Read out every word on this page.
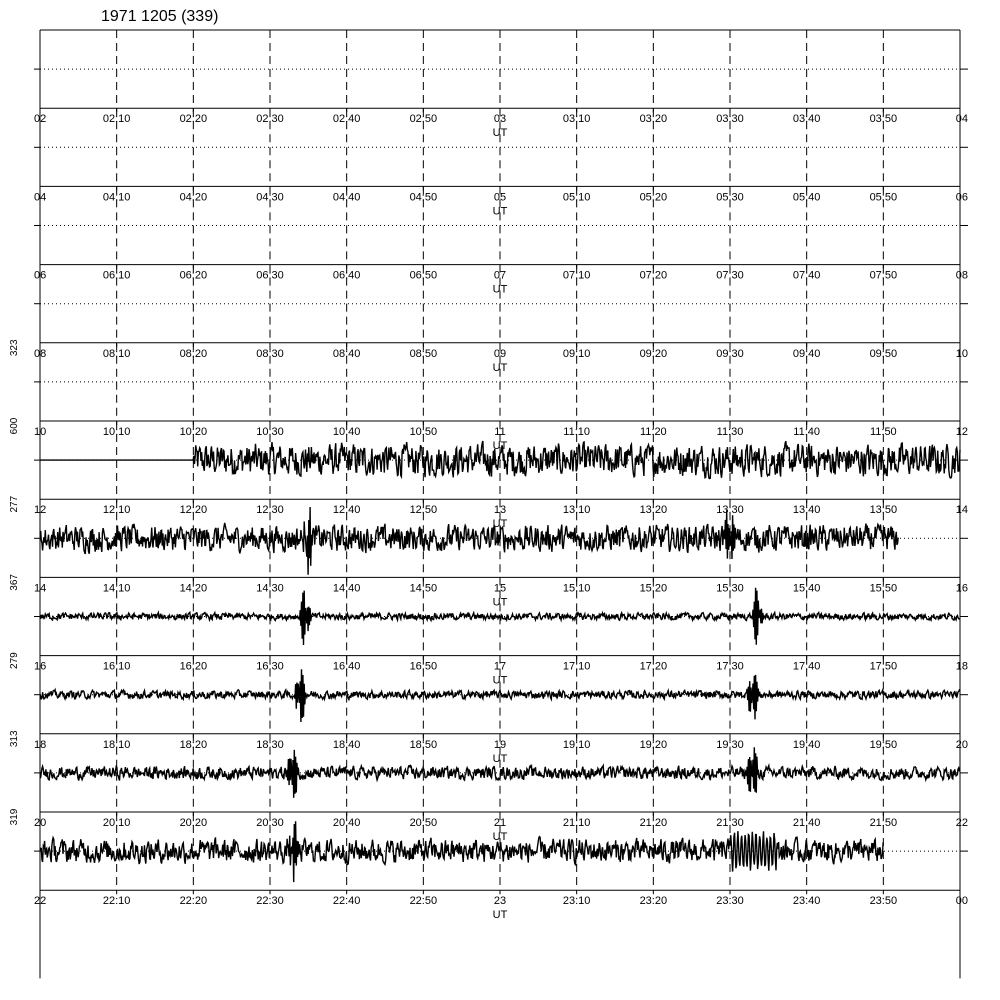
1971 1205 (339)
323
600
277
367
279
313
319
02	02:10	02:20	02:30	02:40	02:50	03	03:10	03:20	03:30	03:40	03:50	04
UT
04	04:10	04:20	04:30	04:40	04:50	05	05:10	05:20	05:30	05:40	05:50	06
UT
06	06:10	06:20	06:30	06:40	06:50	07	07:10	07:20	07:30	07:40	07:50	08
UT
08	08:10	08:20	08:30	08:40	08:50	09	09:10	09:20	09:30	09:40	09:50	10
UT
10	10:10	10:20	10:30	10:40	10:50	11	11:10	11:20	11:30	11:40	11:50	12
UT
12	12:10	12:20	12:30	12:40	12:50	13	13:10	13:20	13:30	13:40	13:50	14
UT
14	14:10	14:20	14:30	14:40	14:50	15	15:10	15:20	15:30	15:40	15:50	16
UT
16	16:10	16:20	16:30	16:40	16:50	17	17:10	17:20	17:30	17:40	17:50	18
UT
18	18:10	18:20	18:30	18:40	18:50	19	19:10	19:20	19:30	19:40	19:50	20
UT
20	20:10	20:20	20:30	20:40	20:50	21	21:10	21:20	21:30	21:40	21:50	22
UT
22	22:10	22:20	22:30	22:40	22:50	23	23:10	23:20	23:30	23:40	23:50	00
UT
